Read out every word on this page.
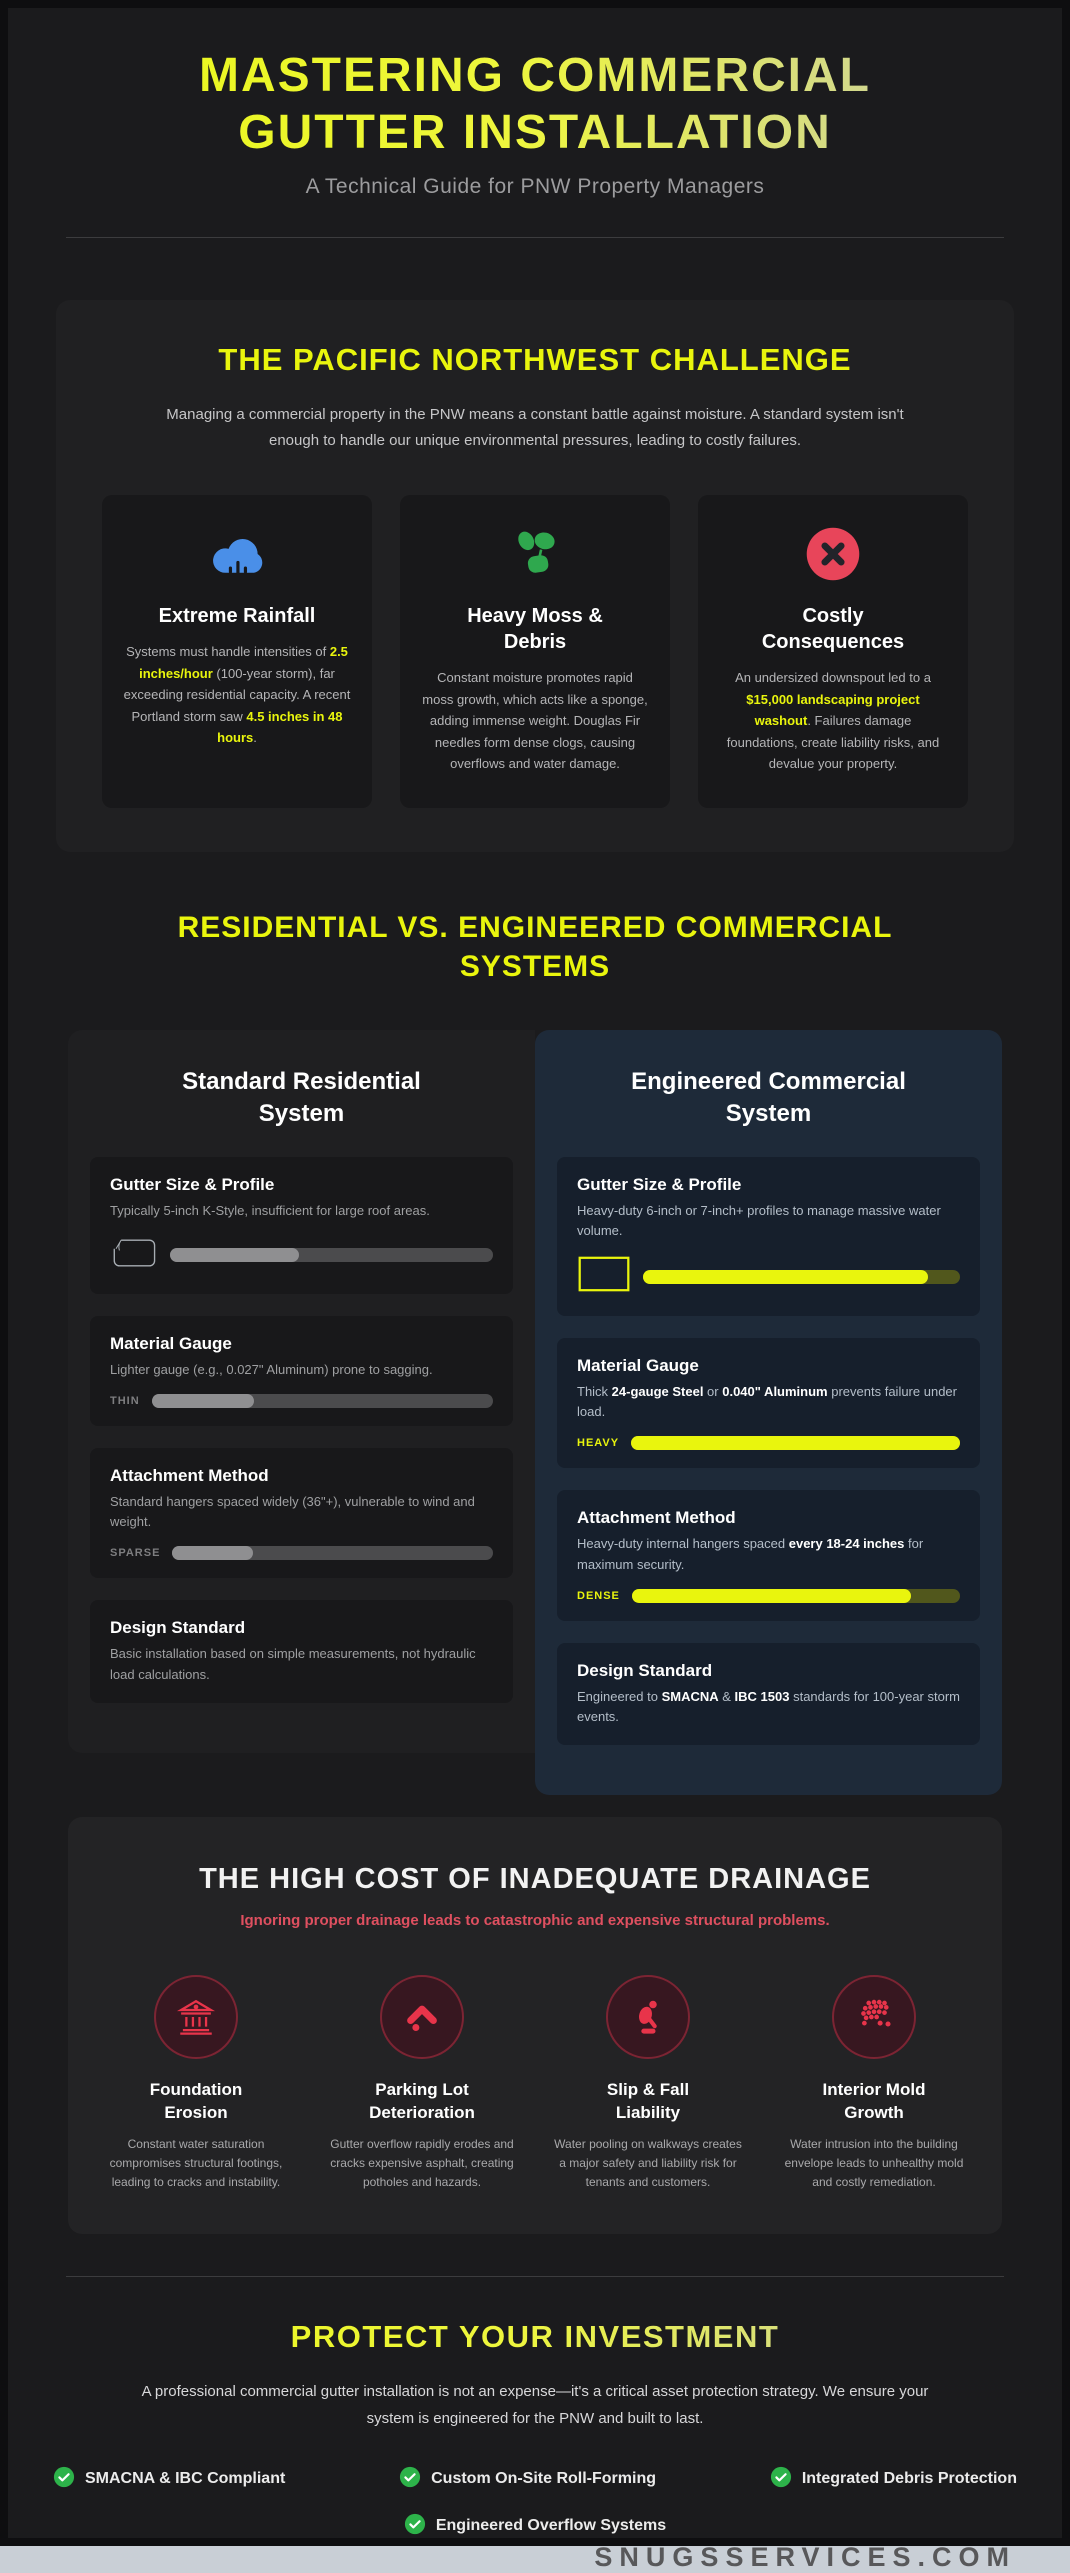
MASTERING COMMERCIAL
GUTTER INSTALLATION
A Technical Guide for PNW Property Managers
THE PACIFIC NORTHWEST CHALLENGE
Managing a commercial property in the PNW means a constant battle against moisture. A standard system isn't enough to handle our unique environmental pressures, leading to costly failures.
Extreme Rainfall
Systems must handle intensities of 2.5 inches/hour (100-year storm), far exceeding residential capacity. A recent Portland storm saw 4.5 inches in 48 hours.
Heavy Moss & Debris
Constant moisture promotes rapid moss growth, which acts like a sponge, adding immense weight. Douglas Fir needles form dense clogs, causing overflows and water damage.
Costly Consequences
An undersized downspout led to a $15,000 landscaping project washout. Failures damage foundations, create liability risks, and devalue your property.
RESIDENTIAL VS. ENGINEERED COMMERCIAL
SYSTEMS
Standard Residential
System
Gutter Size & Profile
Typically 5-inch K-Style, insufficient for large roof areas.
Material Gauge
Lighter gauge (e.g., 0.027" Aluminum) prone to sagging.
THIN
Attachment Method
Standard hangers spaced widely (36"+), vulnerable to wind and weight.
SPARSE
Design Standard
Basic installation based on simple measurements, not hydraulic load calculations.
Engineered Commercial
System
Gutter Size & Profile
Heavy-duty 6-inch or 7-inch+ profiles to manage massive water volume.
Material Gauge
Thick 24-gauge Steel or 0.040" Aluminum prevents failure under load.
HEAVY
Attachment Method
Heavy-duty internal hangers spaced every 18-24 inches for maximum security.
DENSE
Design Standard
Engineered to SMACNA & IBC 1503 standards for 100-year storm events.
THE HIGH COST OF INADEQUATE DRAINAGE
Ignoring proper drainage leads to catastrophic and expensive structural problems.
Foundation Erosion
Constant water saturation compromises structural footings, leading to cracks and instability.
Parking Lot Deterioration
Gutter overflow rapidly erodes and cracks expensive asphalt, creating potholes and hazards.
Slip & Fall Liability
Water pooling on walkways creates a major safety and liability risk for tenants and customers.
Interior Mold Growth
Water intrusion into the building envelope leads to unhealthy mold and costly remediation.
PROTECT YOUR INVESTMENT
A professional commercial gutter installation is not an expense—it's a critical asset protection strategy. We ensure your system is engineered for the PNW and built to last.
SMACNA & IBC Compliant	Custom On-Site Roll-Forming	Integrated Debris Protection
Engineered Overflow Systems
SNUGSSERVICES.COM
